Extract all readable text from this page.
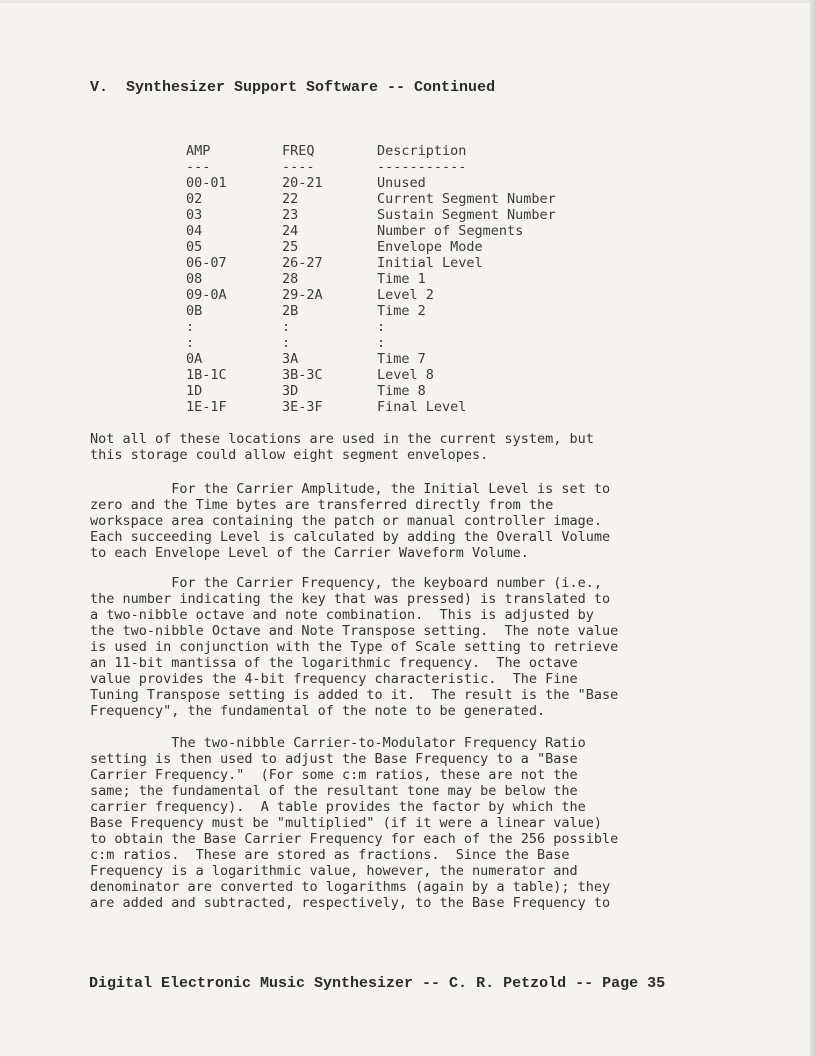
V.  Synthesizer Support Software -- Continued
AMP	FREQ	Description
---	----	-----------
00-01	20-21	Unused
02	22	Current Segment Number
03	23	Sustain Segment Number
04	24	Number of Segments
05	25	Envelope Mode
06-07	26-27	Initial Level
08	28	Time 1
09-0A	29-2A	Level 2
0B	2B	Time 2
:	:	:
:	:	:
0A	3A	Time 7
1B-1C	3B-3C	Level 8
1D	3D	Time 8
1E-1F	3E-3F	Final Level
Not all of these locations are used in the current system, but
this storage could allow eight segment envelopes.
For the Carrier Amplitude, the Initial Level is set to
zero and the Time bytes are transferred directly from the
workspace area containing the patch or manual controller image.
Each succeeding Level is calculated by adding the Overall Volume
to each Envelope Level of the Carrier Waveform Volume.
For the Carrier Frequency, the keyboard number (i.e.,
the number indicating the key that was pressed) is translated to
a two-nibble octave and note combination.  This is adjusted by
the two-nibble Octave and Note Transpose setting.  The note value
is used in conjunction with the Type of Scale setting to retrieve
an 11-bit mantissa of the logarithmic frequency.  The octave
value provides the 4-bit frequency characteristic.  The Fine
Tuning Transpose setting is added to it.  The result is the "Base
Frequency", the fundamental of the note to be generated.
The two-nibble Carrier-to-Modulator Frequency Ratio
setting is then used to adjust the Base Frequency to a "Base
Carrier Frequency."  (For some c:m ratios, these are not the
same; the fundamental of the resultant tone may be below the
carrier frequency).  A table provides the factor by which the
Base Frequency must be "multiplied" (if it were a linear value)
to obtain the Base Carrier Frequency for each of the 256 possible
c:m ratios.  These are stored as fractions.  Since the Base
Frequency is a logarithmic value, however, the numerator and
denominator are converted to logarithms (again by a table); they
are added and subtracted, respectively, to the Base Frequency to
Digital Electronic Music Synthesizer -- C. R. Petzold -- Page 35
